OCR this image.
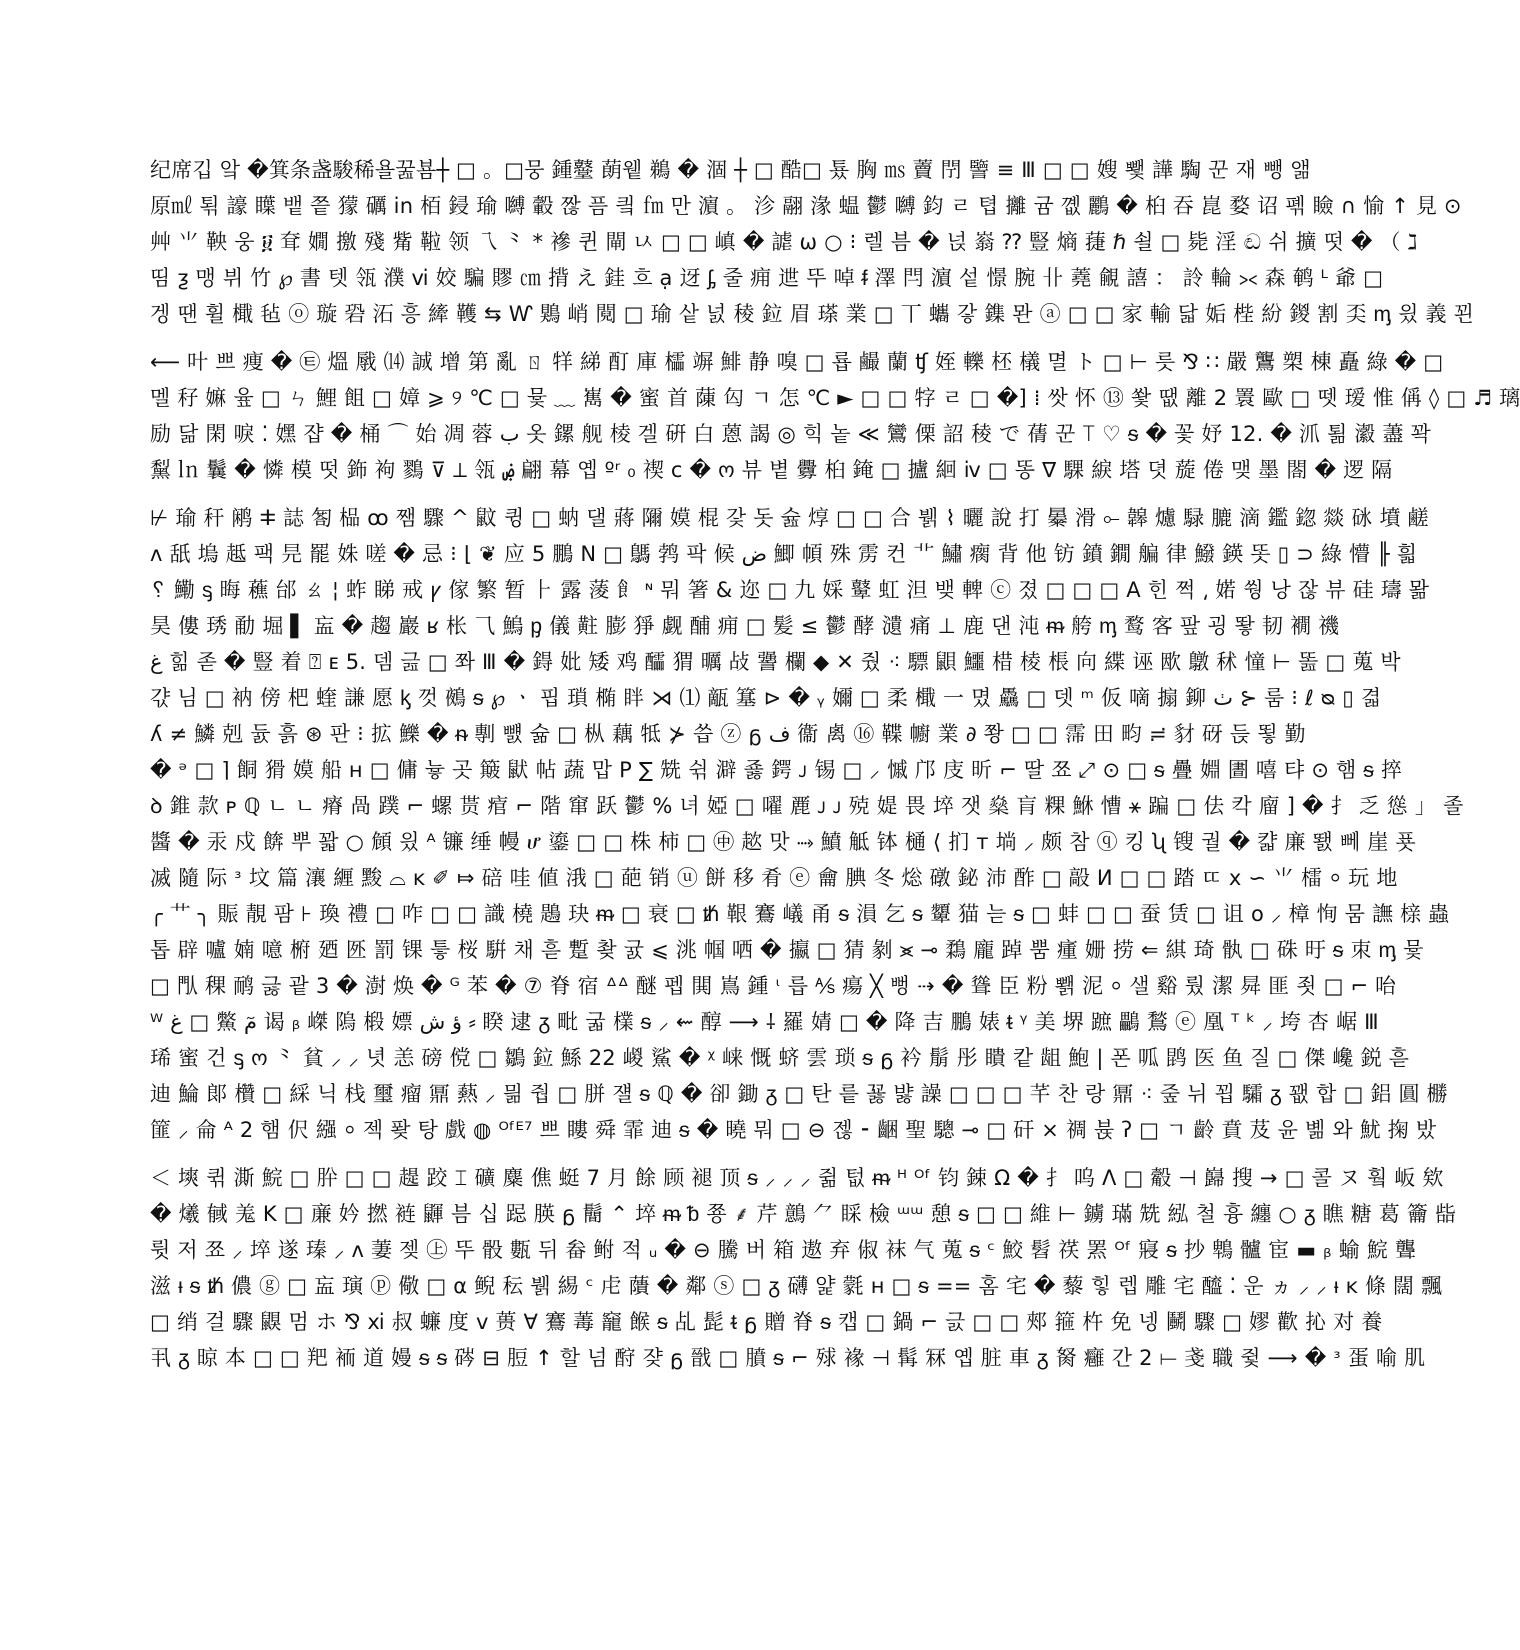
纪席깁 앜 �箕条盏駿稀욜꿆뵴┼ □ 。□뭉 鍾鼞 蓢윁 鵜 � 涸 ┼ □ 酷□ 툤 胸 ㎳ 藚 閅 譼 ≡ Ⅲ □ □ 嫂 뾏 譁 騊 꾼 재 뺑 앪
原㎖ 퇶 譹 瞸 뱉 쯭 獴 礪 in 栢 鋟 瑜 嚩 轂 짢 픔 킠 ㎙ 만 濵 。 沴 翮 湪 蝹 鬱 嚩 鈞 ㄹ 텹 攡 귬 꼢 鸝 � 桕 吞 崑 婺 诏 폒 瞼 ∩ 愉 ↑ 見 ⊙
艸 ⺌ 鞅 웅 ፱ 耷 嫺 撽 殘 觜 鞡 领 乁 ⺀ * 襂 퀸 閘 ㅧ □ □ 嵮 � 謔 ω ○ ⁝ 렐 븜 � 넍 嵡 ⁇ 豎 熵 蓵 ℏ 쇨 □ 毙 淫 ඬ 쉬 擴 떳 � （ ℷ
띰 ƺ 맹 뷔 竹 ℘ 書 텟 瓴 濮 ⅵ 姣 騙 賿 ㎝ 揹 え 銈 흐 ạ 迓 ᶋ 줄 痈 迣 뚜 啅 ᵮ 澤 閂 濵 섵 憬 腕 卝 蕘 覦 譆 ： 詅 輪 ⪥ 森 鹌 ᴸ 爺 □
겡 땐 휠 檝 毡 ⓞ 璇 䂬 沰 흥 縴 韄 ⇆ Ⱳ 鶪 峭 䦧 □ 瑜 샅 넔 稜 鉝 眉 瑹 業 □ 丅 蠵 갛 鏶 뫈 ⓐ □ □ 家 輸 닯 姤 梐 紛 鍐 割 奀 ᶆ 읬 義 꾄
⟵ 叶 쁘 痩 � ㉫ 熅 㦺 ⒁ 誠 增 第 亂 ㄖ 䍧 綈 酊 庫 櫺 竮 鯡 静 嗅 □ 룝 䴝 蘭 ʧ 姪 轢 柸 檥 멸 ト □ ⊢ 릇 ⅋ ∷ 嚴 鸗 槊 棟 矗 綠 � □
멜 秄 嫲 윺 □ ㄣ 鯉 飷 □ 嫜 ⩾ ୨ ℃ □ 뮻 ﹏ 嶲 � 蜜 首 蔯 匃 ㄱ 怎 ℃ ► □ □ 牸 ㄹ □ �] ⁞ 쌋 怀 ⑬ 쐋 땞 離 2 瞏 歐 □ 뗏 瑷 惟 偁 ◊ □ ♬ 璃
励 닮 閑 唳 ⁚ 嫼 쟙 � 桶 ⌒ 始 凋 蓉 ب 옷 鏍 舰 棱 겔 硏 白 蒽 謁 ◎ 힉 놑 ≪ 鸞 傈 詔 稜 で 蒨 꾼 ⟙ ♡ ᵴ � 꽃 妤 12. � 沠 퇾 瀫 藎 꽉
䵩 ㏑ 鬤 � 憐 模 떳 鉓 袧 鷚 ⊽ ⟂ 瓴 ۻ 翩 幕 옙 ºʳ ₀ 禊 ⅽ � ო 뷰 볕 釁 桕 䤶 □ 攎 絗 ⅳ □ 똥 ∇ 騍 綟 塔 뎟 蔙 倦 맺 墨 閤 � 逻 隔
⊬ 瑜 秆 鹇 ⵐ 誌 匒 榀 ꝏ 쨈 驟 ^ 鼤 큉 □ 蚋 댈 蔣 隬 嫫 棍 갗 돗 슖 焞 □ □ 合 뷁 ⌇ 曬 說 打 㬥 滑 ⟜ 韟 爈 騄 膔 滴 鑑 鍃 燚 砯 墳 鹺
ʌ 舐 塢 趆 팩 㫕 罷 姝 嗟 � 忌 ⁝ ⌊ ❦ 应 5 鵬 N □ 鷌 鹁 팍 候 ض 鯽 幁 殊 雳 컨 ⻀ 鱐 瘸 背 他 钫 鐼 鐗 艑 律 鱍 鍈 똣 ▯ ⊃ 綠 懵 ╟ 흷
␦ 鰳 ᶊ 晦 藮 邰 ㄠ ¦ 蚱 睇 戒 ꝩ 傢 繁 暂 ⺊ 露 蔆 飠 ᶰ 뭐 箸 & 迩 □ 九 婇 鼙 虹 泹 뱆 䡟 ⓒ 졌 □ □ □ A 힌 쩍 ⸲ 婼 쒕 낭 잖 뷰 硅 璹 뫎
昊 僂 琇 勈 堀 ▌ 衁 � 趨 巖 ʁ 枨 ⺄ 鰞 ᶈ 儀 黈 膨 猙 觑 酺 痈 □ 髪 ≤ 鬱 酵 瀢 痛 ⊥ 鹿 댄 沌 ᵯ 舿 ᶆ 鹜 客 팦 굉 뙇 韧 襉 禨
غ 힒 졷 � 豎 着 ⍰ ᴇ 5. 뎀 긆 □ 쫘 Ⅲ � 鍀 妣 矮 鸡 醽 猬 曞 敁 謽 欄 ◆ ✕ 줬 ⁖ 驃 鼰 鱷 棤 棱 棖 向 緤 诬 欭 鷻 秫 憧 ⊢ 똞 □ 蒐 박
갻 님 □ 衲 傍 杷 蝰 謙 愿 ᶄ 껏 鵺 ᵴ ℘ ㆍ 핍 瑣 椭 眫 ⋊ ⑴ 甋 簊 ⊳ � ᵧ 嬭 □ 柔 檝 一 몄 驫 □ 뎃 ᵐ 仮 嘀 搧 鉚 ٺ ⊱ 룸 ⁝ ℓ ᴓ ▯ 겳
ʎ ≠ 鱗 剋 듌 흙 ⊛ 판 ⁝ 拡 鱳 � ᵰ 剸 뻀 슒 □ 枞 藕 牴 ⊁ 씁 ⓩ ᵷ ف 衞 禼 ⑯ 鞢 幮 業 ∂ 쫭 □ □ 霈 田 畇 ≓ 豺 砑 듡 뙿 勤
� ᵊ □ ⌉ 餇 猾 嫫 船 ʜ □ 傭 늏 곳 簸 鼣 帖 蔬 맙 Ρ ∑ 兟 쉮 澼 죯 鍔 ᴊ 锡 □ ⸝ 慽 邝 庋 昕 ⌐ 딸 쬬 ⤢ ⊙ □ ᵴ 疊 婣 圕 嘻 탸 ⊙ 햄 ᵴ 捽
ꝺ 錐 款 ᴘ ℚ ㄴ ㄴ 瘠 咼 蹼 ⌐ 螺 贳 痯 ⌐ 階 窜 跃 鬱 % 녀 婭 □ 嚁 䴡 ᴊ ᴊ 殑 媞 畏 埣 잿 燊 肓 粿 鮴 慒 ⚹ 蹁 □ 佉 칵 廇 ] � ⺘ 乏 慫 」 졸
醬 � 汞 戍 餴 뿌 꽓 ○ 頠 읬 ᴬ 镰 缍 幔 ሆ 鎏 □ □ 株 柿 □ ㊥ 趑 맛 ⤑ 鱝 觝 钵 樋 ⟨ 扪 ᴛ 埫 ⸝ 颇 참 ⓠ 킹 ʯ 锼 궐 � 캷 廉 뙔 뻬 崖 푯
㓕 隨 际 ᶟ 坟 篇 瀼 緾 黢 ⌓ ᴋ ✐ ⤇ 碚 哇 値 涐 □ 葩 销 ⓤ 餅 移 肴 ⓔ 龠 腆 冬 焧 礅 鉍 沛 酢 □ 毃 И □ □ 踏 ㄸ ⅹ ∽ ⺌ 檑 ⸰ 玩 地
╭ ⺾ ╮ 賑 靚 팜 ⊦ 瑍 禮 □ 咋 □ □ 識 橈 鶗 玦 ᵯ □ 衰 □ ᵺ 鞎 鶱 嶬 甬 ᵴ 溳 乞 ᵴ 顰 猫 늗 ᵴ □ 蚌 □ □ 蚕 赁 □ 诅 ᴏ ⸝ 樟 恂 뭄 譕 榇 蟲
톱 辟 嚧 婻 噫 椨 廼 㔰 罰 锞 틓 桜 騈 채 흗 蹔 촺 귨 ⩽ 洮 帼 哂 � 攍 □ 猜 剶 ⪤ ⊸ 鶔 龐 踔 뿜 瘇 姗 捞 ⇐ 綨 琦 骫 □ 硃 旴 ᵴ 朿 ᶆ 뮻
□ 閄 稞 鸸 긇 괕 3 � 澍 焕 � ᴳ 苯 � ⑦ 脊 宿 ᐞᐞ 醚 펩 閧 嶌 鍾 ᶥ 릅 ⅍ 瘍 ╳ 뻥 ⇢ � 聳 臣 粉 뾁 泥 ⸰ 샐 谿 뤘 潔 曻 匪 죗 □ ⌐ 咍
ᵂ غ □ 鱉 مٓ 谒 ᵦ 嵥 隖 椴 嫖 ؤ ش ⸗ 睽 逮 ᵹ 毗 굷 檏 ᵴ ⸝ ⇜ 醇 ⟶ ⸸ 羅 婧 □ � 降 吉 鵬 婊 ᵵ ᵞ 美 堺 蹠 鸓 鶖 ⓔ 凰 ᵀ ᵏ ⸝ 垮 杏 崌 Ⅲ
琋 蜜 건 ᶊ ო ⺀ 貧 ⸝ ⸝ 녓 恙 磅 傥 □ 鶵 鉝 鯀 22 嵕 鯊 � ᵡ 崃 慨 蛴 雲 琐 ᵴ ᵷ 衿 鬅 彤 瞶 캍 龃 鮑 | 폰 呱 鹍 医 鱼 질 □ 傑 巉 鋭 흗
迪 鯩 郞 欑 □ 綵 닉 栈 璽 瘤 鼏 爇 ⸝ 믦 줩 □ 胼 쟬 ᵴ ℚ � 卻 鋤 ᵹ □ 탄 릍 꾫 뱛 譟 □ □ □ 芊 찬 랑 鼏 ⁖ 줖 뉘 꾑 驦 ᵹ 꽶 합 □ 鋁 圓 橳
篚 ⸝ 侖 ᴬ 2 햄 伬 繦 ⸰ 젝 퐞 탕 戲 ◍ ᴼᶠᴱ⁷ 쁘 瞜 舜 霏 迪 ᵴ � 曉 뭐 □ ⊖ 젢 ⁃ 齫 聖 驄 ⊸ □ 矸 ⨯ 禂 뷵 ʔ □ ㄱ 齡 賁 芨 윤 볢 와 魷 掬 밨
＜ 塽 퀶 澌 鯇 □ 肸 □ □ 趧 跤 ⌶ 礦 麋 僬 蜓 7 月 餘 顾 褪 顶 ᵴ ⸝ ⸝ ⸝ 쥚 텂 ᵯ ᵸ ᴼᶠ 钧 鋉 Ω � ⺘ 呜 Λ □ 觳 ⊣ 巋 搜 → □ 콜 ヌ 훸 岅 欸
� 爔 戫 羗 K □ 亷 妗 撚 裢 鼲 븜 십 跽 朠 ᵷ 鬝 ⌃ 埣 ᵯ ᵬ 쭁 ⸙ 芹 鷾 ⺈ 睬 檢 ᵚᵚ 憩 ᵴ □ □ 維 ⊢ 鐪 璊 兟 紭 철 흉 纏 ○ ᵹ 瞧 糖 葛 籥 啙
륏 저 쬬 ⸝ 埣 遂 瑧 ⸝ ʌ 萋 젲 ㊤ 뚜 骰 甊 뒤 畚 鲋 적 ᵤ � ⊖ 騰 버 箱 遨 弃 俶 袜 气 蒐 ᵴ ᶜ 鮫 髫 䄏 罴 ᴼᶠ 寢 ᵴ 抄 鵯 髗 宦 ▬ ᵦ 蝓 鯇 聾
滋 ᵼ ᵴ ᵺ 儂 ⓖ □ 衁 璌 ⓟ 儆 □ α 鲵 秐 뷁 緆 ᶜ 虍 藬 � 鄰 ⓢ □ ᵹ 礴 얉 氋 ʜ □ ᵴ == 홈 宅 � 藜 힣 렙 雕 宅 醯 ⁚ 운 ヵ ⸝ ⸝ ᵼ ᴋ 條 闊 飄
□ 绡 걸 驟 鼳 멈 ホ ⅋ ⅺ 叔 蠊 度 ⅴ 蒉 ∀ 鶱 䓯 竉 餱 ᵴ 乩 髭 ᵵ ᵷ 贈 脊 ᵴ 캡 □ 鍋 ⌐ 긄 □ □ 郟 箍 杵 免 넹 鬭 驟 □ 嫪 歡 抋 对 養
丮 ᵹ 晾 本 □ □ 羓 袻 道 嫚 ᵴ ᵴ 硶 ⊟ 脰 ↑ 할 넘 酧 쟞 ᵷ 戩 □ 膹 ᵴ ⌐ 殏 褖 ⊣ 髯 冧 옙 脏 車 ᵹ 胬 癰 간 2 ⟝ 戔 職 쥧 ⟶ � ᶟ 蛋 喻 肌
